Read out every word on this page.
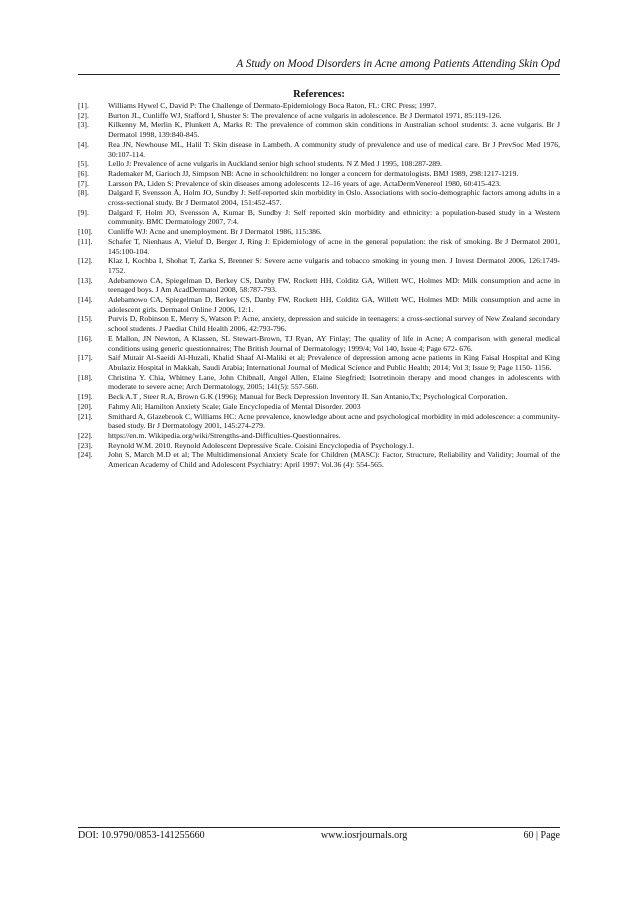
A Study on Mood Disorders in Acne among Patients Attending Skin Opd
References:
[1].	Williams Hywel C, David P: The Challenge of Dermato-Epidemiology Boca Raton, FL: CRC Press; 1997.
[2].	Burton JL, Cunliffe WJ, Stafford I, Shuster S: The prevalence of acne vulgaris in adolescence. Br J Dermatol 1971, 85:119-126.
[3].	Kilkenny M, Merlin K, Plunkett A, Marks R: The prevalence of common skin conditions in Australian school students: 3. acne vulgaris. Br J Dermatol 1998, 139:840-845.
[4].	Rea JN, Newhouse ML, Halil T: Skin disease in Lambeth. A community study of prevalence and use of medical care. Br J PrevSoc Med 1976, 30:107-114.
[5].	Lello J: Prevalence of acne vulgaris in Auckland senior high school students. N Z Med J 1995, 108:287-289.
[6].	Rademaker M, Garioch JJ, Simpson NB: Acne in schoolchildren: no longer a concern for dermatologists. BMJ 1989, 298:1217-1219.
[7].	Larsson PA, Liden S: Prevalence of skin diseases among adolescents 12–16 years of age. ActaDermVenereol 1980, 60:415-423.
[8].	Dalgard F, Svensson Å, Holm JO, Sundby J: Self-reported skin morbidity in Oslo. Associations with socio-demographic factors among adults in a cross-sectional study. Br J Dermatol 2004, 151:452-457.
[9].	Dalgard F, Holm JO, Svensson A, Kumar B, Sundby J: Self reported skin morbidity and ethnicity: a population-based study in a Western community. BMC Dermatology 2007, 7:4.
[10].	Cunliffe WJ: Acne and unemployment. Br J Dermatol 1986, 115:386.
[11].	Schafer T, Nienhaus A, Vieluf D, Berger J, Ring J: Epidemiology of acne in the general population: the risk of smoking. Br J Dermatol 2001, 145:100-104.
[12].	Klaz I, Kochba I, Shohat T, Zarka S, Brenner S: Severe acne vulgaris and tobacco smoking in young men. J Invest Dermatol 2006, 126:1749-1752.
[13].	Adebamowo CA, Spiegelman D, Berkey CS, Danby FW, Rockett HH, Colditz GA, Willett WC, Holmes MD: Milk consumption and acne in teenaged boys. J Am AcadDermatol 2008, 58:787-793.
[14].	Adebamowo CA, Spiegelman D, Berkey CS, Danby FW, Rockett HH, Colditz GA, Willett WC, Holmes MD: Milk consumption and acne in adolescent girls. Dermatol Online J 2006, 12:1.
[15].	Purvis D, Robinson E, Merry S, Watson P: Acne, anxiety, depression and suicide in teenagers: a cross-sectional survey of New Zealand secondary school students. J Paediat Child Health 2006, 42:793-796.
[16].	E Mallon, JN Newton, A Klassen, SL Stewart-Brown, TJ Ryan, AY Finlay; The quality of life in Acne; A comparison with general medical conditions using generic questionnaires; The British Journal of Dermatology; 1999/4; Vol 140, Issue 4; Page 672- 676.
[17].	Saif Mutair Al-Saeidi Al-Huzali, Khalid Shaaf Al-Maliki et al; Prevalence of depression among acne patients in King Faisal Hospital and King Abulaziz Hospital in Makkah, Saudi Arabia; International Journal of Medical Science and Public Health; 2014; Vol 3; Issue 9; Page 1150- 1156.
[18].	Christina Y. Chia, Whitney Lane, John Chibnall, Angel Allen, Elaine Siegfried; Isotretinoin therapy and mood changes in adolescents with moderate to severe acne; Arch Dermatology, 2005; 141(5): 557-560.
[19].	Beck A.T , Steer R.A, Brown G.K (1996); Manual for Beck Depression Inventory II. San Antanio,Tx; Psychological Corporation.
[20].	Fahmy Ali; Hamilton Anxiety Scale; Gale Encyclopedia of Mental Disorder. 2003
[21].	Smithard A, Glazebrook C, Williams HC: Acne prevalence, knowledge about acne and psychological morbidity in mid adolescence: a community-based study. Br J Dermatology 2001, 145:274-279.
[22].	https://en.m. Wikipedia.org/wiki/Strengths-and-Difficulties-Questionnaires.
[23].	Reynold W.M. 2010. Reynold Adolescent Depressive Scale. Coisini Encyclopedia of Psychology.1.
[24].	John S, March M.D et al; The Multidimensional Anxiety Scale for Children (MASC): Factor, Structure, Reliability and Validity; Journal of the American Academy of Child and Adolescent Psychiatry: April 1997: Vol.36 (4): 554-565.
DOI: 10.9790/0853-141255660	www.iosrjournals.org	60 | Page
